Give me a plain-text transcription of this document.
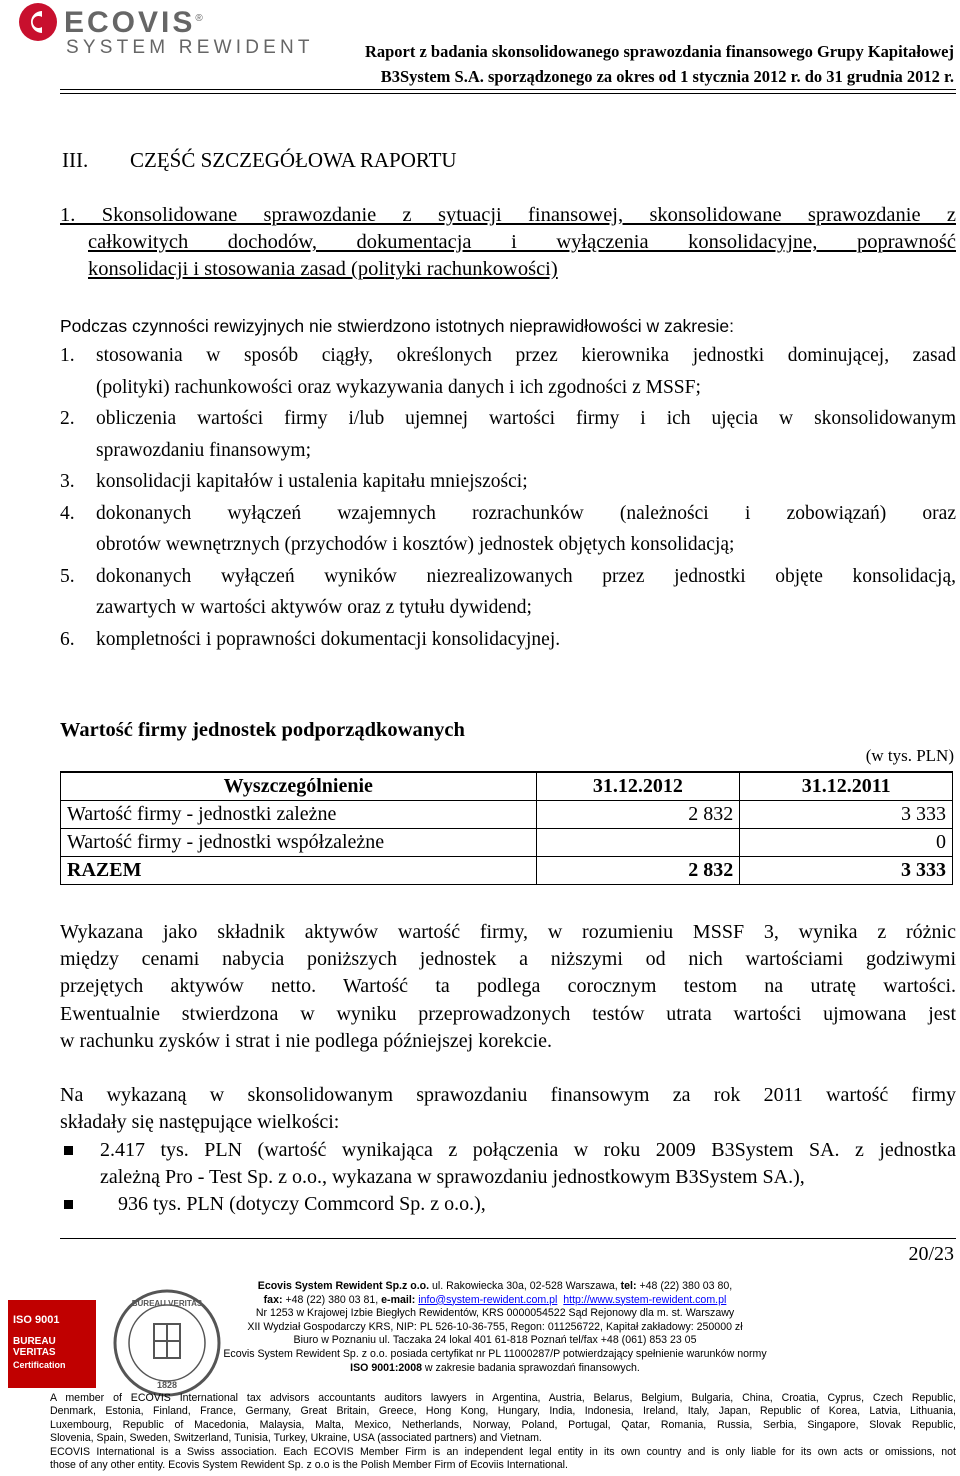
ECOVIS®
SYSTEM REWIDENT	Raport z badania skonsolidowanego sprawozdania finansowego Grupy Kapitałowej
B3System S.A. sporządzonego za okres od 1 stycznia 2012 r. do 31 grudnia 2012 r.
III. CZĘŚĆ SZCZEGÓŁOWA RAPORTU
1. Skonsolidowane sprawozdanie z sytuacji finansowej, skonsolidowane sprawozdanie z
całkowitych dochodów, dokumentacja i wyłączenia konsolidacyjne, poprawność
konsolidacji i stosowania zasad (polityki rachunkowości)
Podczas czynności rewizyjnych nie stwierdzono istotnych nieprawidłowości w zakresie:
1. stosowania w sposób ciągły, określonych przez kierownika jednostki dominującej, zasad
(polityki) rachunkowości oraz wykazywania danych i ich zgodności z MSSF;
2. obliczenia wartości firmy i/lub ujemnej wartości firmy i ich ujęcia w skonsolidowanym
sprawozdaniu finansowym;
3. konsolidacji kapitałów i ustalenia kapitału mniejszości;
4. dokonanych wyłączeń wzajemnych rozrachunków (należności i zobowiązań) oraz
obrotów wewnętrznych (przychodów i kosztów) jednostek objętych konsolidacją;
5. dokonanych wyłączeń wyników niezrealizowanych przez jednostki objęte konsolidacją,
zawartych w wartości aktywów oraz z tytułu dywidend;
6. kompletności i poprawności dokumentacji konsolidacyjnej.
Wartość firmy jednostek podporządkowanych
(w tys. PLN)
Wyszczególnienie	31.12.2012	31.12.2011
Wartość firmy - jednostki zależne	2 832	3 333
Wartość firmy - jednostki współzależne		0
RAZEM	2 832	3 333
Wykazana jako składnik aktywów wartość firmy, w rozumieniu MSSF 3, wynika z różnic
między cenami nabycia poniższych jednostek a niższymi od nich wartościami godziwymi
przejętych aktywów netto. Wartość ta podlega corocznym testom na utratę wartości.
Ewentualnie stwierdzona w wyniku przeprowadzonych testów utrata wartości ujmowana jest
w rachunku zysków i strat i nie podlega późniejszej korekcie.
Na wykazaną w skonsolidowanym sprawozdaniu finansowym za rok 2011 wartość firmy
składały się następujące wielkości:
2.417 tys. PLN (wartość wynikająca z połączenia w roku 2009 B3System SA. z jednostka
zależną Pro - Test Sp. z o.o., wykazana w sprawozdaniu jednostkowym B3System SA.),
936 tys. PLN (dotyczy Commcord Sp. z o.o.),
20/23
ISO 9001
BUREAU VERITAS
Certification
BUREAU VERITAS
1828
Ecovis System Rewident Sp.z o.o. ul. Rakowiecka 30a, 02-528 Warszawa, tel: +48 (22) 380 03 80,
fax: +48 (22) 380 03 81, e-mail: info@system-rewident.com.pl http://www.system-rewident.com.pl
Nr 1253 w Krajowej Izbie Biegłych Rewidentów, KRS 0000054522 Sąd Rejonowy dla m. st. Warszawy
XII Wydział Gospodarczy KRS, NIP: PL 526-10-36-755, Regon: 011256722, Kapitał zakładowy: 250000 zł
Biuro w Poznaniu ul. Taczaka 24 lokal 401 61-818 Poznań tel/fax +48 (061) 853 23 05
Ecovis System Rewident Sp. z o.o. posiada certyfikat nr PL 11000287/P potwierdzający spełnienie warunków normy
ISO 9001:2008 w zakresie badania sprawozdań finansowych.
A member of ECOVIS International tax advisors accountants auditors lawyers in Argentina, Austria, Belarus, Belgium, Bulgaria, China, Croatia, Cyprus, Czech Republic,
Denmark, Estonia, Finland, France, Germany, Great Britain, Greece, Hong Kong, Hungary, India, Indonesia, Ireland, Italy, Japan, Republic of Korea, Latvia, Lithuania,
Luxembourg, Republic of Macedonia, Malaysia, Malta, Mexico, Netherlands, Norway, Poland, Portugal, Qatar, Romania, Russia, Serbia, Singapore, Slovak Republic,
Slovenia, Spain, Sweden, Switzerland, Tunisia, Turkey, Ukraine, USA (associated partners) and Vietnam.
ECOVIS International is a Swiss association. Each ECOVIS Member Firm is an independent legal entity in its own country and is only liable for its own acts or omissions, not
those of any other entity. Ecovis System Rewident Sp. z o.o is the Polish Member Firm of Ecoviis International.
